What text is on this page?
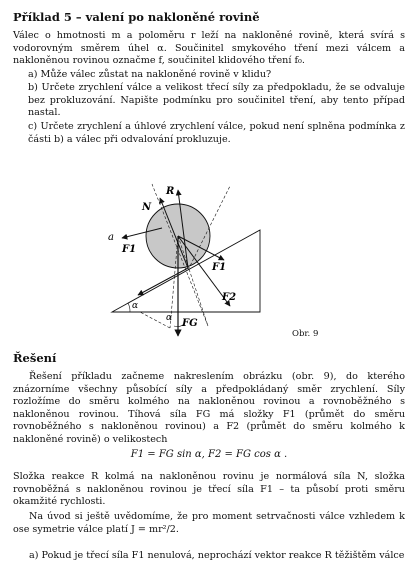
Příklad 5 – valení po nakloněné rovině

Válec o hmotnosti m a poloměru r leží na nakloněné rovině, která svírá s vodorovným směrem úhel α. Součinitel smykového tření mezi válcem a nakloněnou rovinou označme f, součinitel klidového tření f₀.

a) Může válec zůstat na nakloněné rovině v klidu?

b) Určete zrychlení válce a velikost třecí síly za předpokladu, že se odvaluje bez prokluzování. Napište podmínku pro součinitel tření, aby tento případ nastal.

c) Určete zrychlení a úhlové zrychlení válce, pokud není splněna podmínka z části b) a válec při odvalování prokluzuje.

R
N
a
F1
F1
F2
FG
α
α
Obr. 9
Řešení

Řešení příkladu začneme nakreslením obrázku (obr. 9), do kterého znázorníme všechny působící síly a předpokládaný směr zrychlení. Síly rozložíme do směru kolmého na nakloněnou rovinou a rovnoběžného s nakloněnou rovinou. Tíhová síla FG má složky F1 (průmět do směru rovnoběžného s nakloněnou rovinou) a F2 (průmět do směru kolmého k nakloněné rovině) o velikostech

F1 = FG sin α, F2 = FG cos α .

Složka reakce R kolmá na nakloněnou rovinu je normálová síla N, složka rovnoběžná s nakloněnou rovinou je třecí síla F1 – ta působí proti směru okamžité rychlosti.

Na úvod si ještě uvědomíme, že pro moment setrvačnosti válce vzhledem k ose symetrie válce platí J = mr²/2.

a) Pokud je třecí síla F1 nenulová, neprochází vektor reakce R těžištěm válce
